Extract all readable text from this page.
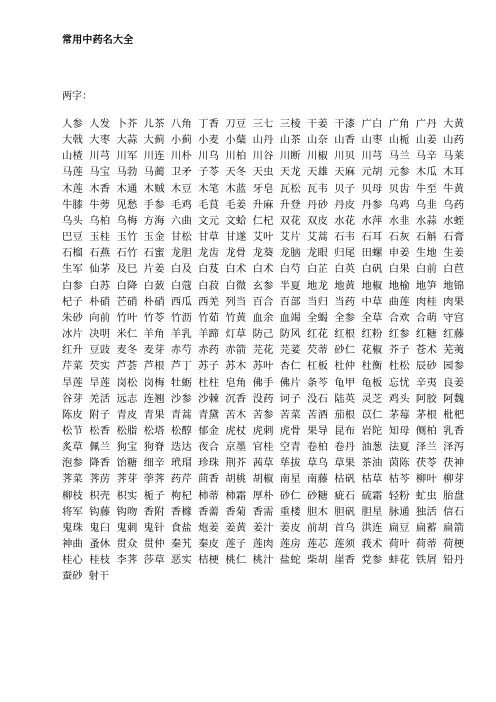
常用中药名大全
两字：
人参 人发 卜芥 儿茶 八角 丁香 刀豆 三七 三棱 干姜 干漆 广白 广角 广丹 大黄 大戟 大枣 大蒜 大蓟 小蓟 小麦 小蘖 山丹 山茶 山奈 山香 山枣 山栀 山姜 山药 山楂 川芎 川军 川连 川朴 川乌 川柏 川谷 川断 川椒 川贝 川芎 马兰 马辛 马莱 马莲 马宝 马勃 马蔺 卫矛 子苓 天冬 天虫 天龙 天雄 天麻 元胡 元参 木瓜 木耳 木莲 木香 木通 木贼 木豆 木笔 木蓝 牙皂 瓦松 瓦韦 贝子 贝母 贝齿 牛至 牛黄 牛膝 牛蒡 见愁 手参 毛鸡 毛茛 毛姜 升麻 升登 丹砂 丹皮 丹参 乌鸡 乌韭 乌药 乌头 乌柏 乌梅 方海 六曲 文元 文蛤 仁杞 双花 双皮 水花 水萍 水韭 水蒜 水蛭 巴豆 玉桂 玉竹 玉金 甘松 甘草 甘遂 艾叶 艾片 艾蒿 石韦 石耳 石灰 石斛 石膏 石榴 石燕 石竹 石蜜 龙胆 龙齿 龙骨 龙葵 龙脑 龙眼 归尾 田螺 申姜 生地 生姜 生军 仙茅 及巳 片姜 白及 白芨 白术 白术 白芍 白芷 白英 白矾 白果 白前 白苣 白参 白苏 白降 白蔹 白蔻 白菽 白微 玄参 半夏 地龙 地黄 地椒 地榆 地笋 地锦 杞子 朴硝 芒硝 朴硝 西瓜 西羌 列当 百合 百部 当归 当药 中草 曲莲 肉桂 肉果 朱砂 向前 竹叶 竹苓 竹沥 竹茹 竹黄 血余 血竭 全蝎 全参 全草 合欢 合萌 守宫 冰片 决明 米仁 羊角 羊乳 羊蹄 灯草 防己 防风 红花 红根 红粉 红参 红糖 红藤 红升 豆豉 麦冬 麦芽 赤芍 赤药 赤箭 芫花 芫荽 芡蒂 砂仁 花椒 芥子 苍术 芜荑 芹菜 芡实 芦荟 芦根 芦丁 苏子 苏木 苏叶 杏仁 杠板 杜仲 杜衡 杜松 辰砂 园参 旱莲 旱莲 岗松 岗梅 牡蛎 杜柱 皂角 佛手 佛片 条芩 龟甲 龟板 忘忧 辛夷 良姜 谷芽 羌活 远志 连翘 沙参 沙棘 沉香 没药 诃子 没石 陆英 灵芝 鸡头 阿胶 阿魏 陈皮 附子 青皮 青果 青蒿 青黛 苦木 苦参 苦菜 苦酒 茄根 苡仁 茅莓 茅根 枇杷 松节 松香 松脂 松塔 松醇 郁金 虎杖 虎刺 虎骨 果导 昆布 岩陀 知母 侧柏 乳香 炙草 佩兰 狗宝 狗脊 迭达 夜合 京墨 官桂 空青 卷柏 卷丹 油葱 法夏 泽兰 泽泻 泡参 降香 饴糖 细辛 玳瑁 珍珠 荆芥 茜草 荜拔 草乌 草果 茶油 茵陈 茯苓 茯神 荠菜 荠苈 荠芽 荸荠 药芹 茴香 胡桃 胡椒 南星 南藤 枯矾 枯草 枯芩 柳叶 柳芽 柳枝 枳壳 枳实 栀子 枸杞 柿蒂 柿霜 厚朴 砂仁 砂糖 疵石 硫霜 轻粉 虻虫 胎盘 将军 钩藤 钩吻 香附 香橼 香薷 香菊 香需 重楼 胆木 胆矾 胆星 脉通 独活 信石 鬼珠 鬼臼 鬼刺 鬼针 食盐 炮姜 姜黄 姜汁 姜皮 前胡 首乌 洪连 扁豆 扁蓄 扁箭 神曲 蚤休 贯众 贯仲 秦艽 秦皮 莲子 莲肉 莲房 莲芯 莲须 莪术 荷叶 荷蒂 荷梗 桂心 桂枝 李荠 莎草 恶实 桔梗 桃仁 桃汁 盐蛇 柴胡 崖香 党参 蚌花 铁屑 铅丹 蚕砂 射干
